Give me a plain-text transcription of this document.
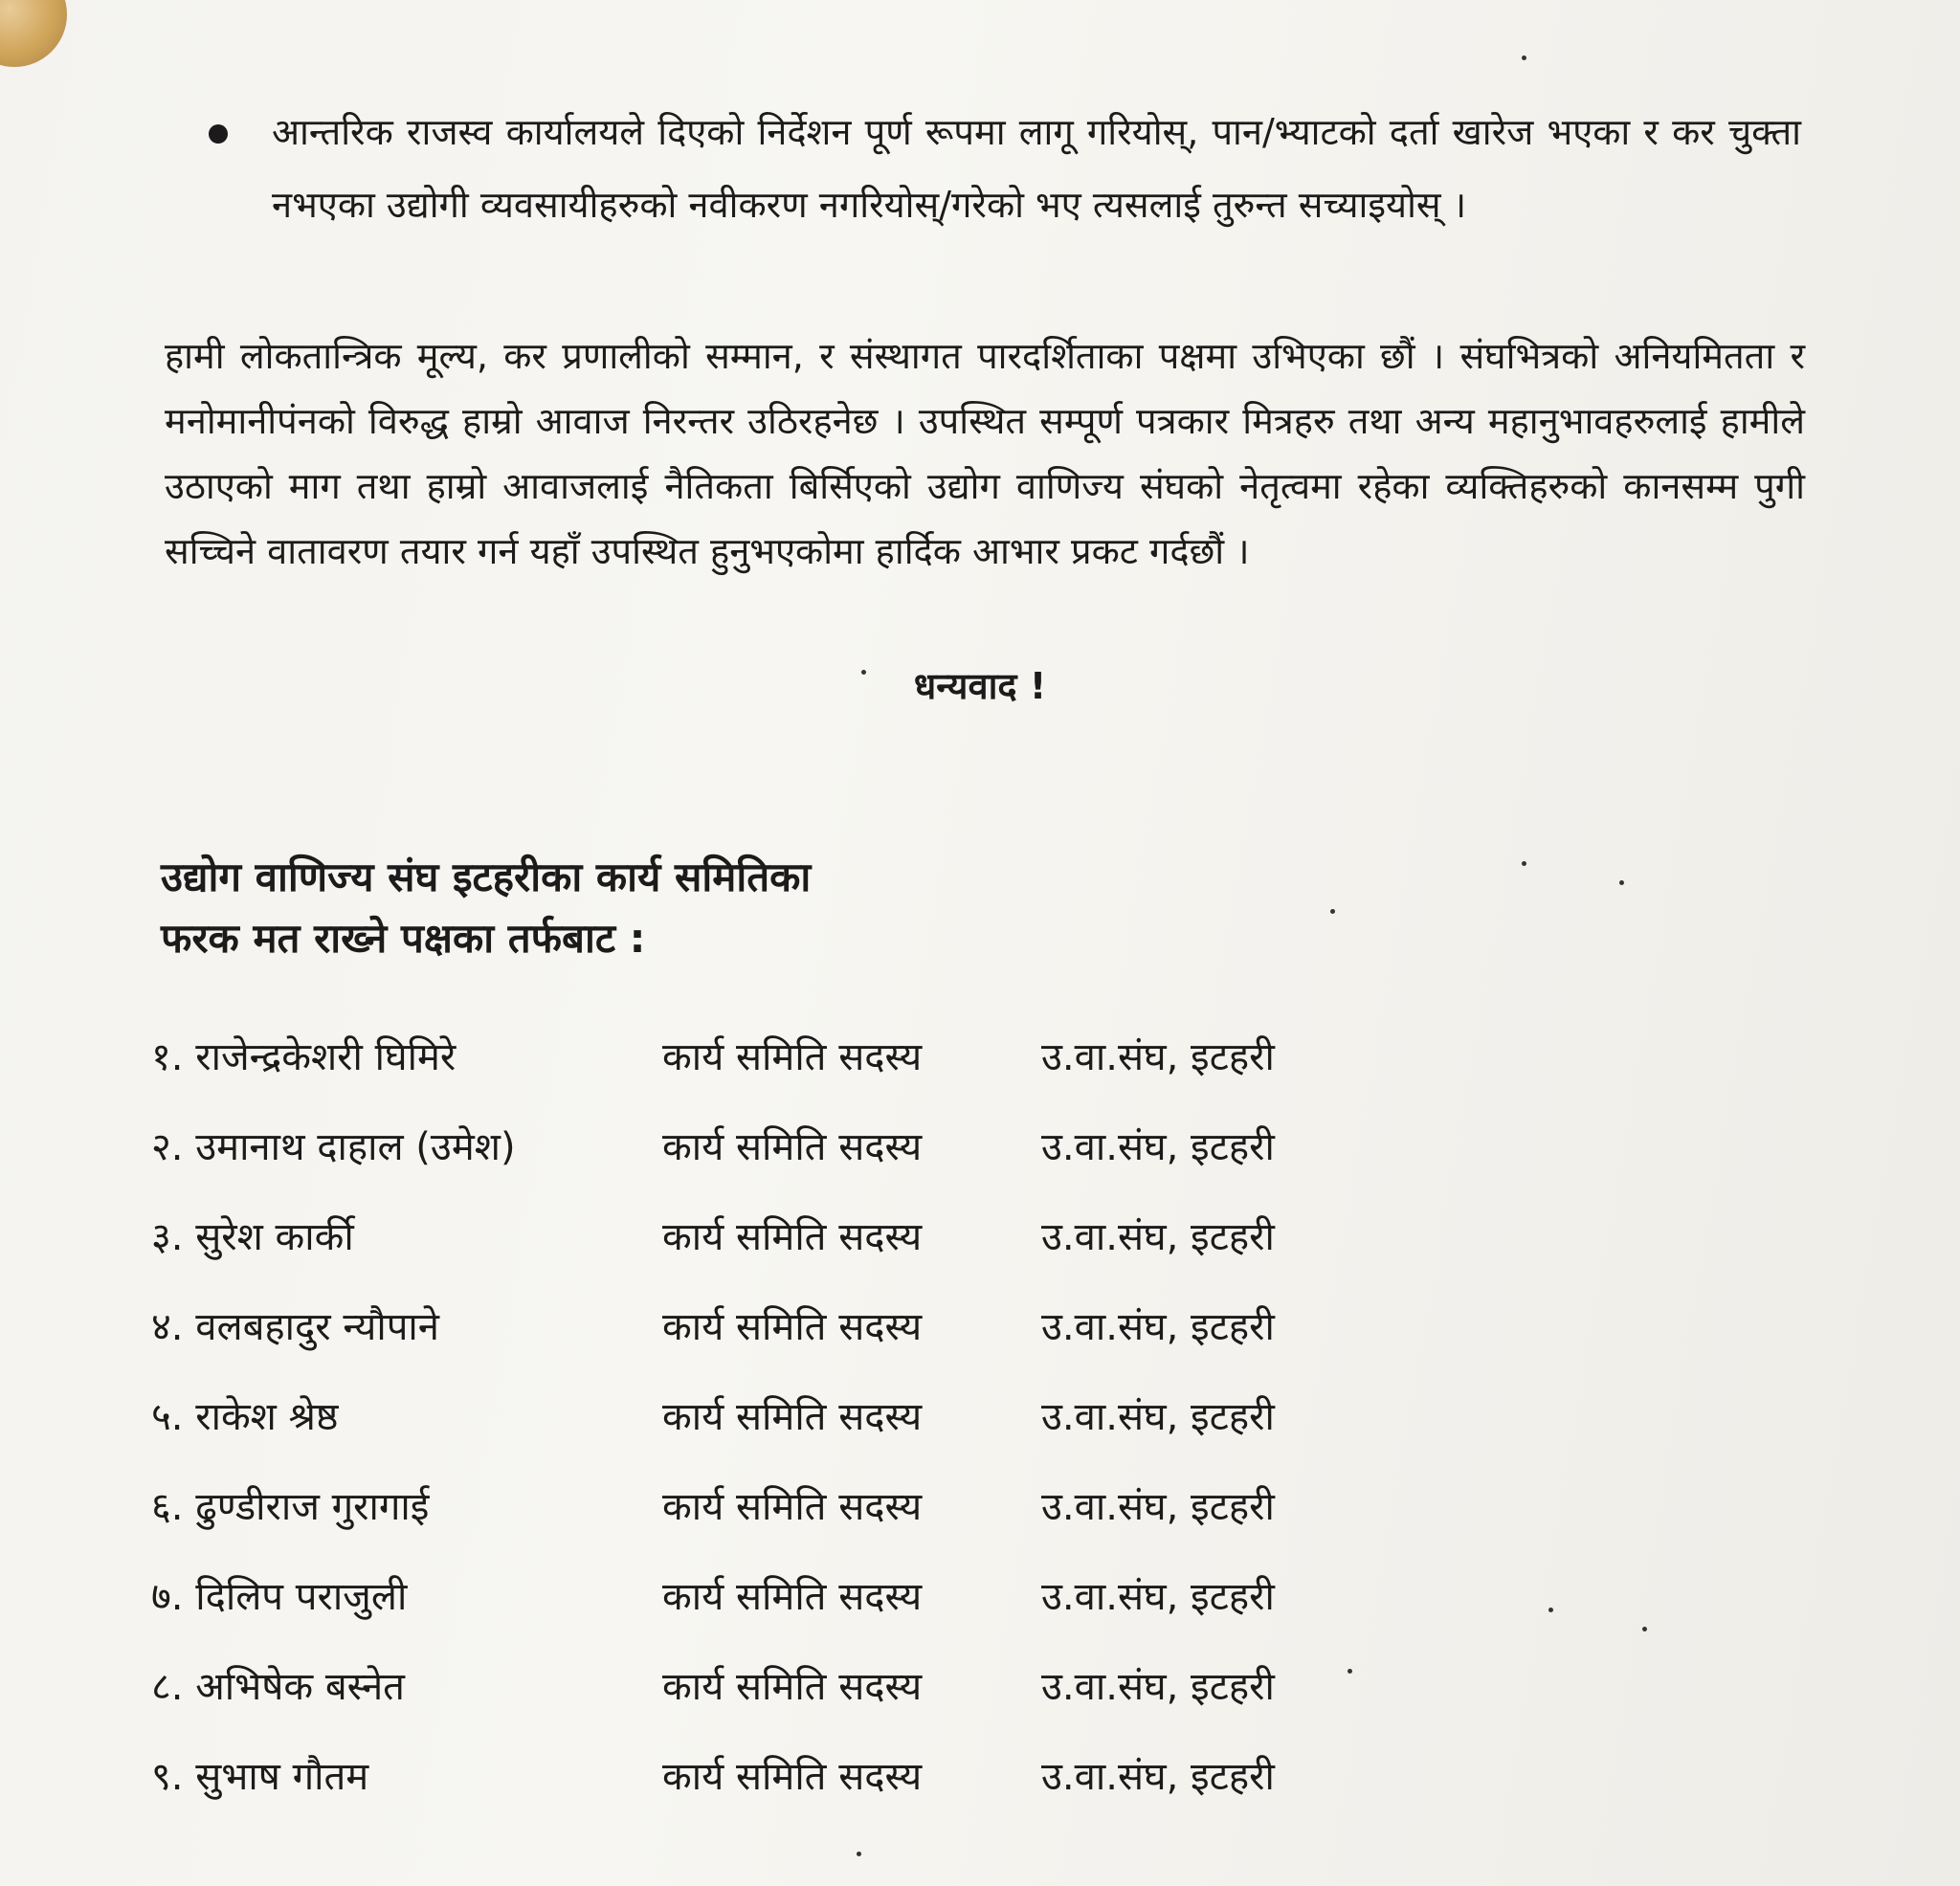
आन्तरिक राजस्व कार्यालयले दिएको निर्देशन पूर्ण रूपमा लागू गरियोस्, पान/भ्याटको दर्ता खारेज भएका र कर चुक्ता नभएका उद्योगी व्यवसायीहरुको नवीकरण नगरियोस्/गरेको भए त्यसलाई तुरुन्त सच्याइयोस् ।
हामी लोकतान्त्रिक मूल्य, कर प्रणालीको सम्मान, र संस्थागत पारदर्शिताका पक्षमा उभिएका छौं । संघभित्रको अनियमितता र मनोमानीपंनको विरुद्ध हाम्रो आवाज निरन्तर उठिरहनेछ । उपस्थित सम्पूर्ण पत्रकार मित्रहरु तथा अन्य महानुभावहरुलाई हामीले उठाएको माग तथा हाम्रो आवाजलाई नैतिकता बिर्सिएको उद्योग वाणिज्य संघको नेतृत्वमा रहेका व्यक्तिहरुको कानसम्म पुगी सच्चिने वातावरण तयार गर्न यहाँ उपस्थित हुनुभएकोमा हार्दिक आभार प्रकट गर्दछौं ।
धन्यवाद !
उद्योग वाणिज्य संघ इटहरीका कार्य समितिका
फरक मत राख्ने पक्षका तर्फबाट :
१. राजेन्द्रकेशरी घिमिरे	कार्य समिति सदस्य	उ.वा.संघ, इटहरी
२. उमानाथ दाहाल (उमेश)	कार्य समिति सदस्य	उ.वा.संघ, इटहरी
३. सुरेश कार्की	कार्य समिति सदस्य	उ.वा.संघ, इटहरी
४. वलबहादुर न्यौपाने	कार्य समिति सदस्य	उ.वा.संघ, इटहरी
५. राकेश श्रेष्ठ	कार्य समिति सदस्य	उ.वा.संघ, इटहरी
६. ढुण्डीराज गुरागाई	कार्य समिति सदस्य	उ.वा.संघ, इटहरी
७. दिलिप पराजुली	कार्य समिति सदस्य	उ.वा.संघ, इटहरी
८. अभिषेक बस्नेत	कार्य समिति सदस्य	उ.वा.संघ, इटहरी
९. सुभाष गौतम	कार्य समिति सदस्य	उ.वा.संघ, इटहरी
